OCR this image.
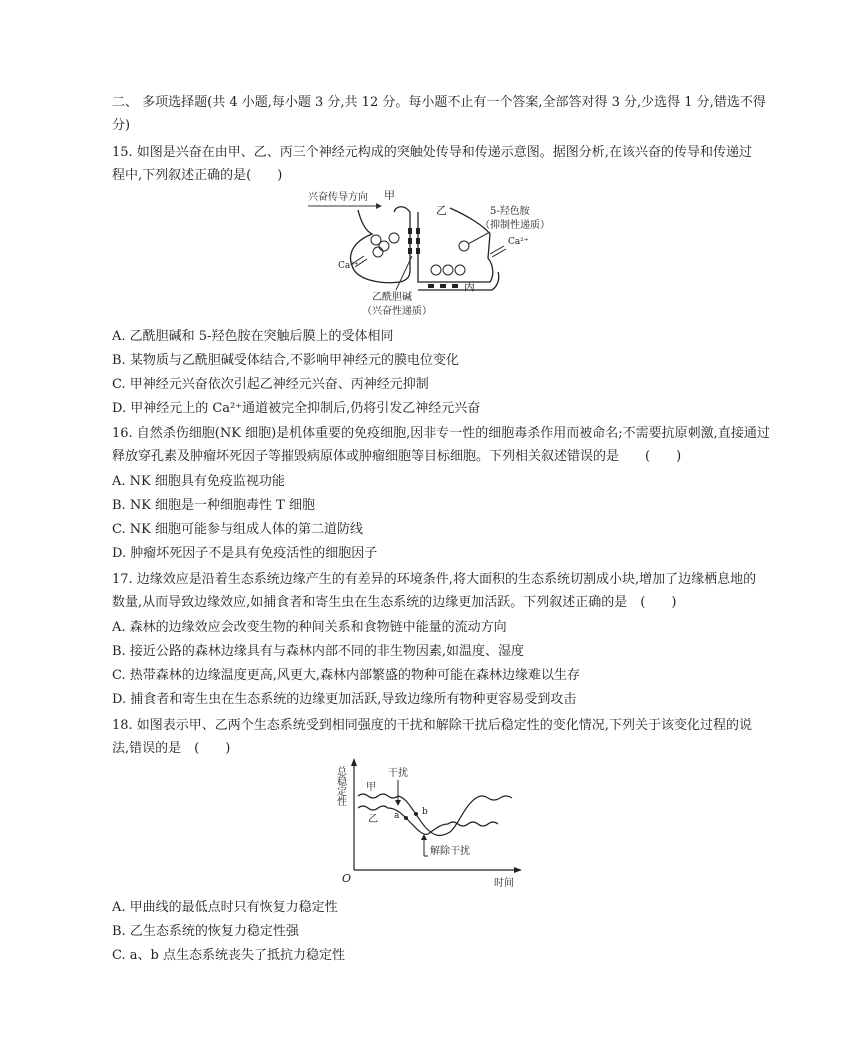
二、 多项选择题(共 4 小题,每小题 3 分,共 12 分。每小题不止有一个答案,全部答对得 3 分,少选得 1 分,错选不得
分)
15. 如图是兴奋在由甲、乙、丙三个神经元构成的突触处传导和传递示意图。据图分析,在该兴奋的传导和传递过
程中,下列叙述正确的是(　　)
兴奋传导方向 甲
Ca²⁺
乙
丙
5-羟色胺
（抑制性递质）
Ca²⁺
乙酰胆碱
（兴奋性递质）
A. 乙酰胆碱和 5-羟色胺在突触后膜上的受体相同
B. 某物质与乙酰胆碱受体结合,不影响甲神经元的膜电位变化
C. 甲神经元兴奋依次引起乙神经元兴奋、丙神经元抑制
D. 甲神经元上的 Ca²⁺通道被完全抑制后,仍将引发乙神经元兴奋
16. 自然杀伤细胞(NK 细胞)是机体重要的免疫细胞,因非专一性的细胞毒杀作用而被命名;不需要抗原刺激,直接通过
释放穿孔素及肿瘤坏死因子等摧毁病原体或肿瘤细胞等目标细胞。下列相关叙述错误的是　　(　　)
A. NK 细胞具有免疫监视功能
B. NK 细胞是一种细胞毒性 T 细胞
C. NK 细胞可能参与组成人体的第二道防线
D. 肿瘤坏死因子不是具有免疫活性的细胞因子
17. 边缘效应是沿着生态系统边缘产生的有差异的环境条件,将大面积的生态系统切割成小块,增加了边缘栖息地的
数量,从而导致边缘效应,如捕食者和寄生虫在生态系统的边缘更加活跃。下列叙述正确的是　(　　)
A. 森林的边缘效应会改变生物的种间关系和食物链中能量的流动方向
B. 接近公路的森林边缘具有与森林内部不同的非生物因素,如温度、湿度
C. 热带森林的边缘温度更高,风更大,森林内部繁盛的物种可能在森林边缘难以生存
D. 捕食者和寄生虫在生态系统的边缘更加活跃,导致边缘所有物种更容易受到攻击
18. 如图表示甲、乙两个生态系统受到相同强度的干扰和解除干扰后稳定性的变化情况,下列关于该变化过程的说
法,错误的是　(　　)
总稳定性
O	时间
甲
乙
干扰
b
a
解除干扰
A. 甲曲线的最低点时只有恢复力稳定性
B. 乙生态系统的恢复力稳定性强
C. a、b 点生态系统丧失了抵抗力稳定性
